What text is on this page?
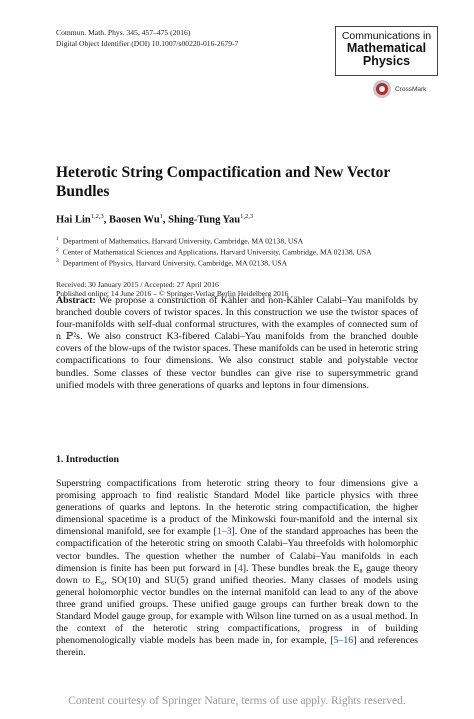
Commun. Math. Phys. 345, 457–475 (2016)
Digital Object Identifier (DOI) 10.1007/s00220-016-2679-7
Communications in
Mathematical
Physics
CrossMark
Heterotic String Compactification and New Vector Bundles
Hai Lin$^{1,2,3}$, Baosen Wu$^1$, Shing-Tung Yau$^{1,2,3}$
$^1$ Department of Mathematics, Harvard University, Cambridge, MA 02138, USA
$^2$ Center of Mathematical Sciences and Applications, Harvard University, Cambridge, MA 02138, USA
$^3$ Department of Physics, Harvard University, Cambridge, MA 02138, USA
Received: 30 January 2015 / Accepted: 27 April 2016
Published online: 14 June 2016 – © Springer-Verlag Berlin Heidelberg 2016
Abstract: We propose a construction of Kähler and non-Kähler Calabi–Yau manifolds by branched double covers of twistor spaces. In this construction we use the twistor spaces of four-manifolds with self-dual conformal structures, with the examples of connected sum of n ℙ²s. We also construct K3-fibered Calabi–Yau manifolds from the branched double covers of the blow-ups of the twistor spaces. These manifolds can be used in heterotic string compactifications to four dimensions. We also construct stable and polystable vector bundles. Some classes of these vector bundles can give rise to supersymmetric grand unified models with three generations of quarks and leptons in four dimensions.
1. Introduction
Superstring compactifications from heterotic string theory to four dimensions give a promising approach to find realistic Standard Model like particle physics with three generations of quarks and leptons. In the heterotic string compactification, the higher dimensional spacetime is a product of the Minkowski four-manifold and the internal six dimensional manifold, see for example [1–3]. One of the standard approaches has been the compactification of the heterotic string on smooth Calabi–Yau threefolds with holomorphic vector bundles. The question whether the number of Calabi–Yau manifolds in each dimension is finite has been put forward in [4]. These bundles break the E₈ gauge theory down to E₆, SO(10) and SU(5) grand unified theories. Many classes of models using general holomorphic vector bundles on the internal manifold can lead to any of the above three grand unified groups. These unified gauge groups can further break down to the Standard Model gauge group, for example with Wilson line turned on as a usual method. In the context of the heterotic string compactifications, progress in of building phenomenologically viable models has been made in, for example, [5–16] and references therein.
Content courtesy of Springer Nature, terms of use apply. Rights reserved.
